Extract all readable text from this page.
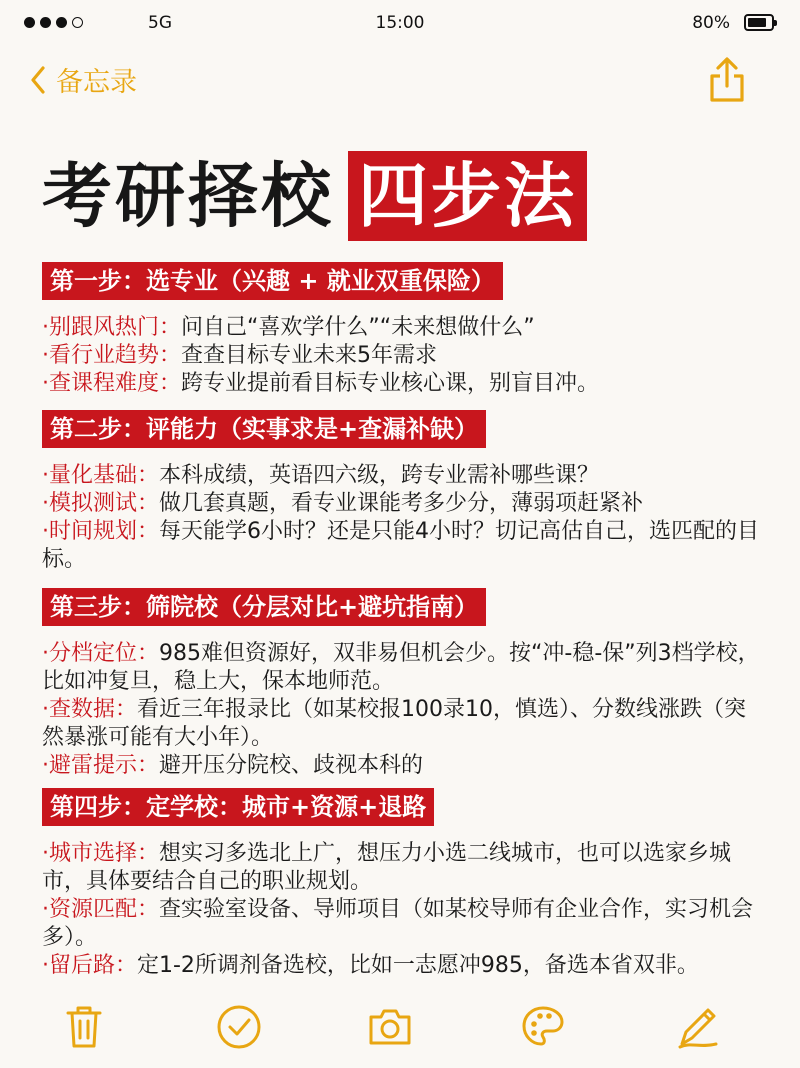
5G	15:00	80%
备忘录
考研择校 四步法
第一步：选专业（兴趣 + 就业双重保险）

·别跟风热门：问自己“喜欢学什么”“未来想做什么”

·看行业趋势：查查目标专业未来5年需求

·查课程难度：跨专业提前看目标专业核心课，别盲目冲。

第二步：评能力（实事求是+查漏补缺）

·量化基础：本科成绩，英语四六级，跨专业需补哪些课？

·模拟测试：做几套真题，看专业课能考多少分，薄弱项赶紧补

·时间规划：每天能学6小时？还是只能4小时？切记高估自己，选匹配的目标。

第三步：筛院校（分层对比+避坑指南）

·分档定位：985难但资源好，双非易但机会少。按“冲-稳-保”列3档学校，比如冲复旦，稳上大，保本地师范。

·查数据：看近三年报录比（如某校报100录10，慎选）、分数线涨跌（突然暴涨可能有大小年）。

·避雷提示：避开压分院校、歧视本科的

第四步：定学校：城市+资源+退路

·城市选择：想实习多选北上广，想压力小选二线城市，也可以选家乡城市，具体要结合自己的职业规划。

·资源匹配：查实验室设备、导师项目（如某校导师有企业合作，实习机会多）。

·留后路：定1-2所调剂备选校，比如一志愿冲985，备选本省双非。
